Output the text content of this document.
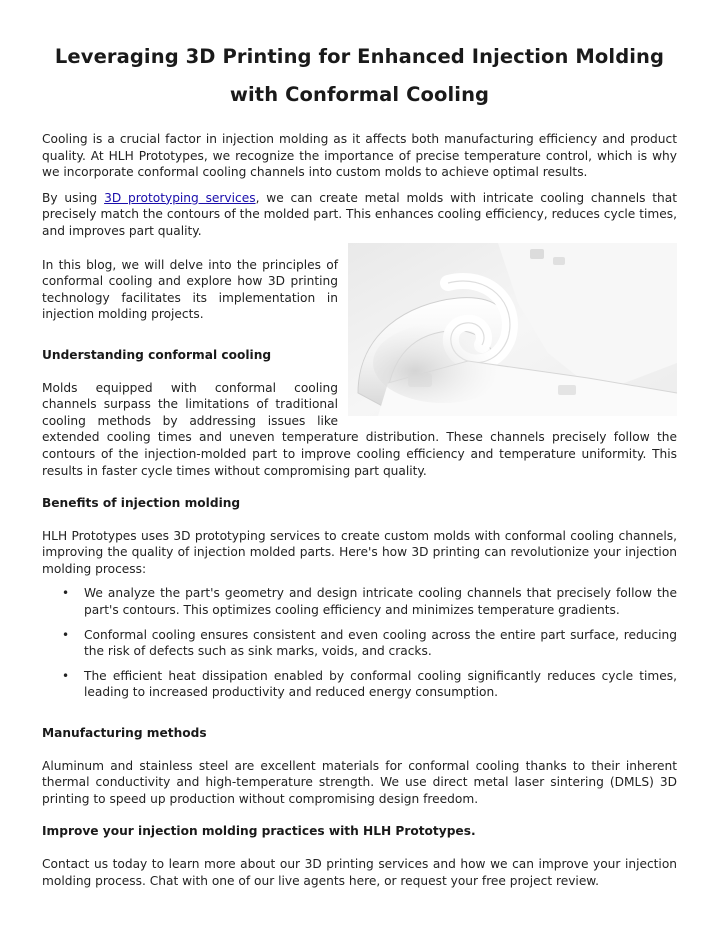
Leveraging 3D Printing for Enhanced Injection Molding with Conformal Cooling

Cooling is a crucial factor in injection molding as it affects both manufacturing efficiency and product quality. At HLH Prototypes, we recognize the importance of precise temperature control, which is why we incorporate conformal cooling channels into custom molds to achieve optimal results.

By using 3D prototyping services, we can create metal molds with intricate cooling channels that precisely match the contours of the molded part. This enhances cooling efficiency, reduces cycle times, and improves part quality.

In this blog, we will delve into the principles of conformal cooling and explore how 3D printing technology facilitates its implementation in injection molding projects.

Understanding conformal cooling

Molds equipped with conformal cooling channels surpass the limitations of traditional cooling methods by addressing issues like extended cooling times and uneven temperature distribution. These channels precisely follow the contours of the injection-molded part to improve cooling efficiency and temperature uniformity. This results in faster cycle times without compromising part quality.

Benefits of injection molding

HLH Prototypes uses 3D prototyping services to create custom molds with conformal cooling channels, improving the quality of injection molded parts. Here's how 3D printing can revolutionize your injection molding process:

• We analyze the part's geometry and design intricate cooling channels that precisely follow the part's contours. This optimizes cooling efficiency and minimizes temperature gradients.
• Conformal cooling ensures consistent and even cooling across the entire part surface, reducing the risk of defects such as sink marks, voids, and cracks.
• The efficient heat dissipation enabled by conformal cooling significantly reduces cycle times, leading to increased productivity and reduced energy consumption.
Manufacturing methods

Aluminum and stainless steel are excellent materials for conformal cooling thanks to their inherent thermal conductivity and high-temperature strength. We use direct metal laser sintering (DMLS) 3D printing to speed up production without compromising design freedom.

Improve your injection molding practices with HLH Prototypes.

Contact us today to learn more about our 3D printing services and how we can improve your injection molding process. Chat with one of our live agents here, or request your free project review.
